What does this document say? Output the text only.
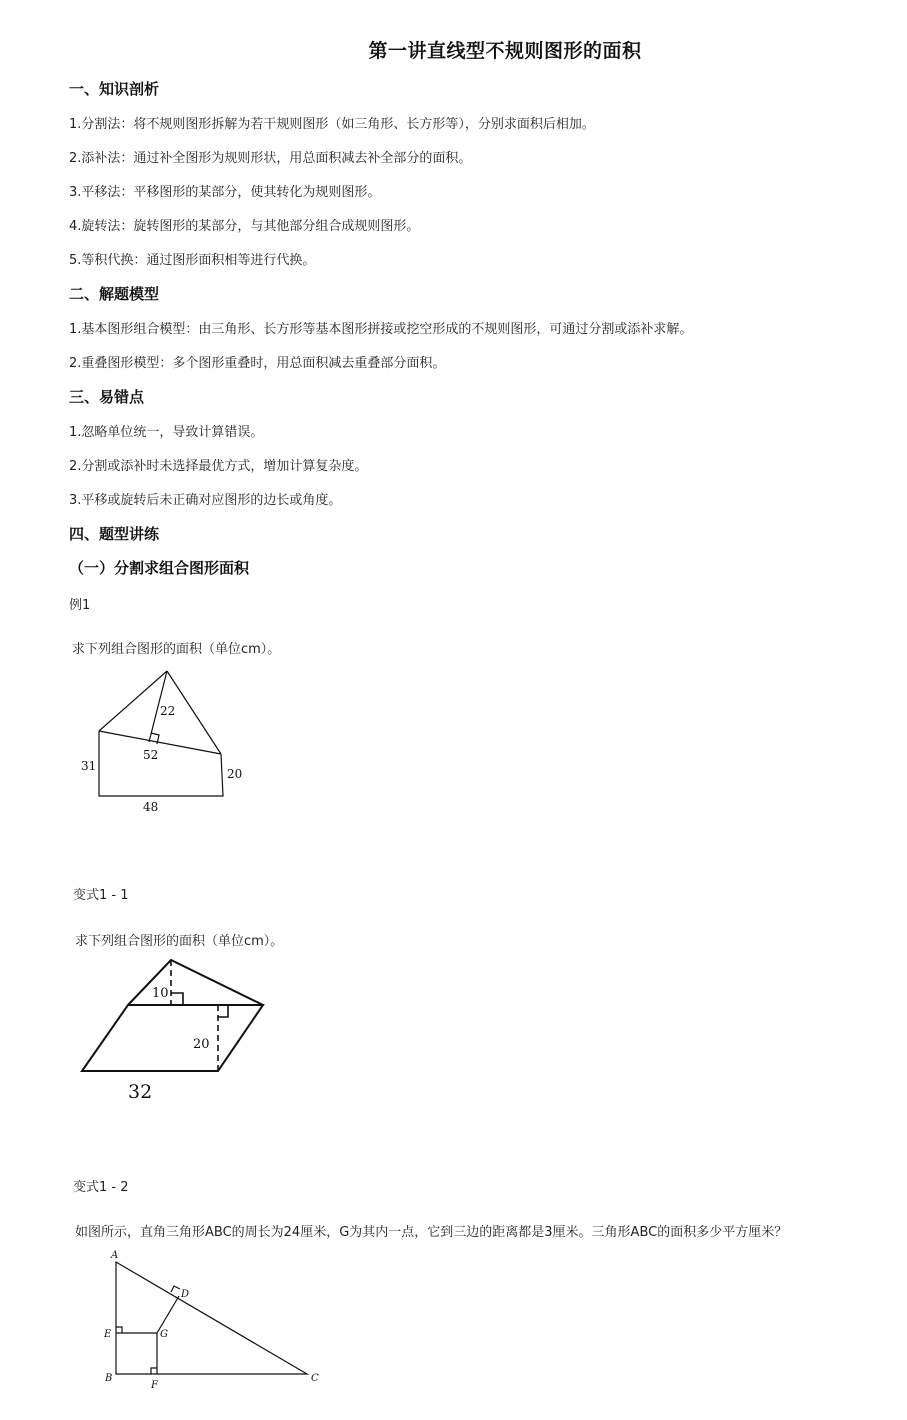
第一讲直线型不规则图形的面积
一、知识剖析
1.分割法：将不规则图形拆解为若干规则图形（如三角形、长方形等），分别求面积后相加。
2.添补法：通过补全图形为规则形状，用总面积减去补全部分的面积。
3.平移法：平移图形的某部分，使其转化为规则图形。
4.旋转法：旋转图形的某部分，与其他部分组合成规则图形。
5.等积代换：通过图形面积相等进行代换。
二、解题模型
1.基本图形组合模型：由三角形、长方形等基本图形拼接或挖空形成的不规则图形，可通过分割或添补求解。
2.重叠图形模型：多个图形重叠时，用总面积减去重叠部分面积。
三、易错点
1.忽略单位统一，导致计算错误。
2.分割或添补时未选择最优方式，增加计算复杂度。
3.平移或旋转后未正确对应图形的边长或角度。
四、题型讲练
（一）分割求组合图形面积
例1
求下列组合图形的面积（单位cm）。
22
52
31
20
48
变式1 - 1
求下列组合图形的面积（单位cm）。
10
20
32
变式1 - 2
如图所示，直角三角形ABC的周长为24厘米，G为其内一点，它到三边的距离都是3厘米。三角形ABC的面积多少平方厘米？
A
B	C
D
E
F
G
